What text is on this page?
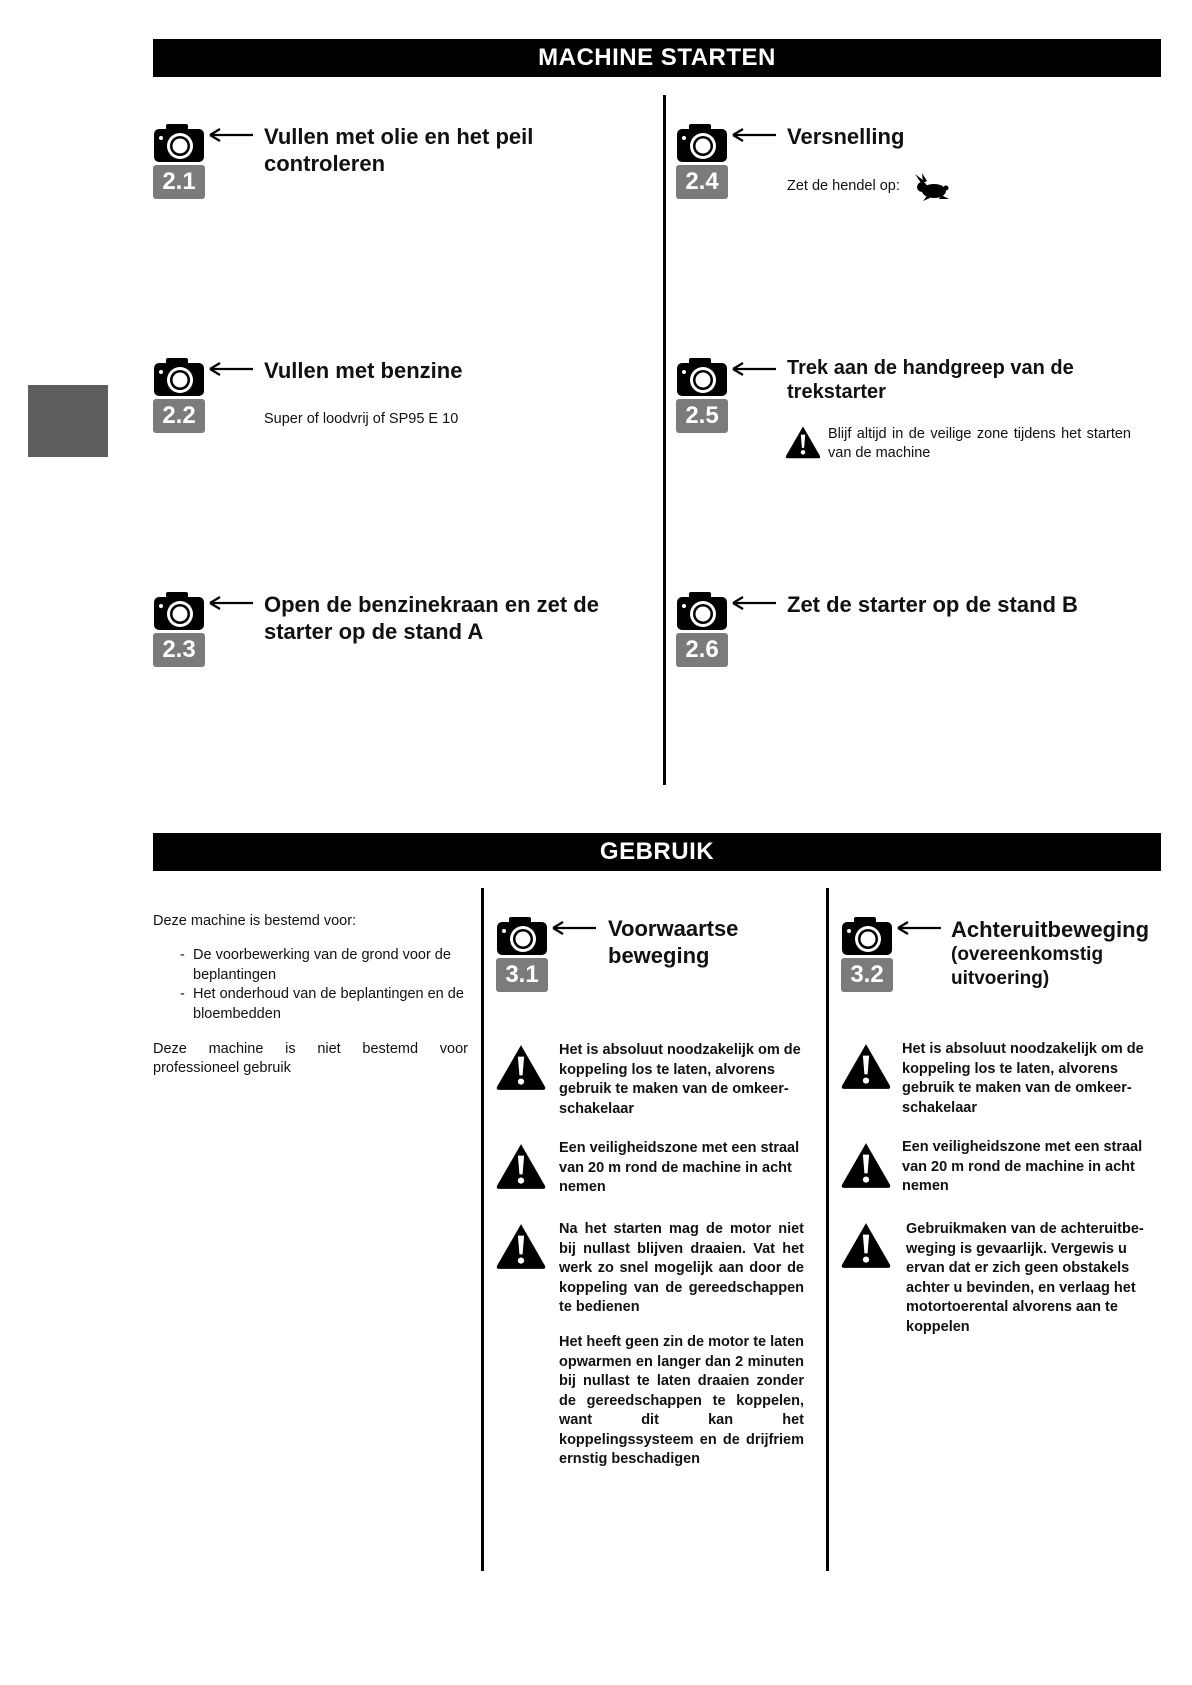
MACHINE STARTEN
2.1
Vullen met olie en het peil controleren
2.2
Vullen met benzine
Super of loodvrij of SP95 E 10
2.3
Open de benzinekraan en zet de starter op de stand A
2.4
Versnelling
Zet de hendel op:
2.5
Trek aan de handgreep van de trekstarter
Blijf altijd in de veilige zone tijdens het starten van de machine
2.6
Zet de starter op de stand B
GEBRUIK
Deze machine is bestemd voor:
- De voorbewerking van de grond voor de beplantingen
- Het onderhoud van de beplantingen en de bloembedden
Deze machine is niet bestemd voor professioneel gebruik
3.1
Voorwaartse beweging
Het is absoluut noodzakelijk om de koppeling los te laten, alvorens gebruik te maken van de omkeer-schakelaar
Een veiligheidszone met een straal van 20 m rond de machine in acht nemen
Na het starten mag de motor niet bij nullast blijven draaien. Vat het werk zo snel mogelijk aan door de koppeling van de gereedschappen te bedienen
Het heeft geen zin de motor te laten opwarmen en langer dan 2 minuten bij nullast te laten draaien zonder de gereedschappen te koppelen, want dit kan het koppelingssysteem en de drijfriem ernstig beschadigen
3.2
Achteruitbeweging
(overeenkomstig uitvoering)
Het is absoluut noodzakelijk om de koppeling los te laten, alvorens gebruik te maken van de omkeer-schakelaar
Een veiligheidszone met een straal van 20 m rond de machine in acht nemen
Gebruikmaken van de achteruitbe-weging is gevaarlijk. Vergewis u ervan dat er zich geen obstakels achter u bevinden, en verlaag het motortoerental alvorens aan te koppelen
